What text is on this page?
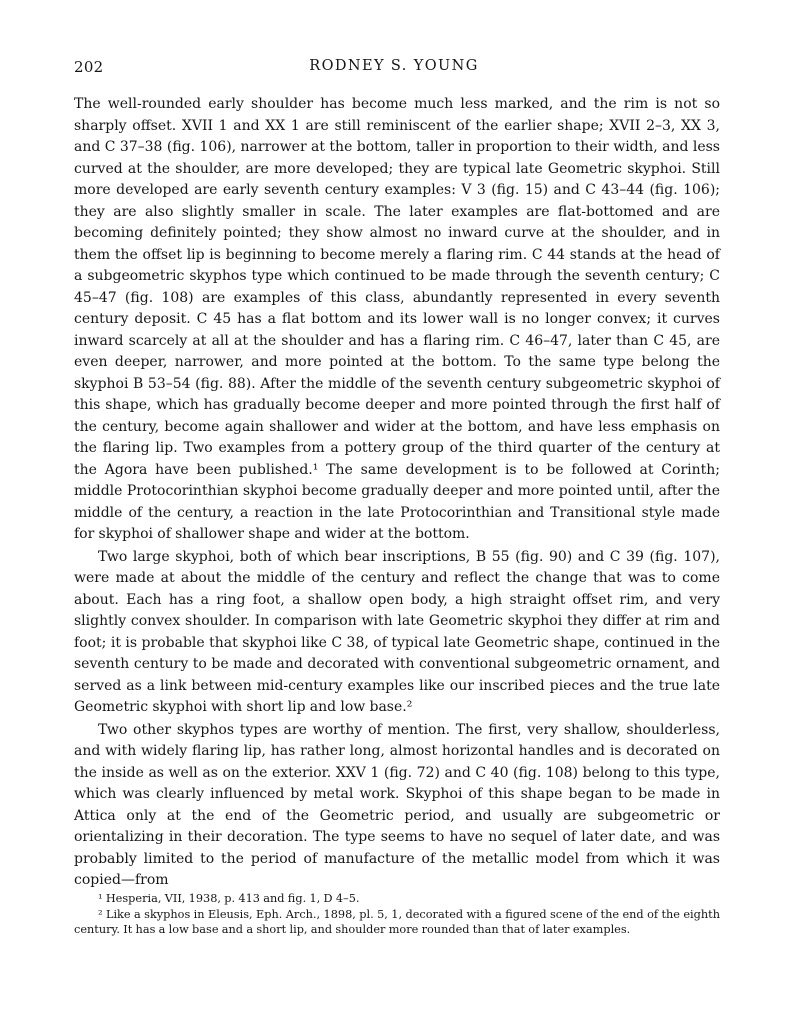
202	RODNEY S. YOUNG

The well-rounded early shoulder has become much less marked, and the rim is not so sharply offset. XVII 1 and XX 1 are still reminiscent of the earlier shape; XVII 2–3, XX 3, and C 37–38 (fig. 106), narrower at the bottom, taller in proportion to their width, and less curved at the shoulder, are more developed; they are typical late Geometric skyphoi. Still more developed are early seventh century examples: V 3 (fig. 15) and C 43–44 (fig. 106); they are also slightly smaller in scale. The later examples are flat-bottomed and are becoming definitely pointed; they show almost no inward curve at the shoulder, and in them the offset lip is beginning to become merely a flaring rim. C 44 stands at the head of a subgeometric skyphos type which continued to be made through the seventh century; C 45–47 (fig. 108) are examples of this class, abundantly represented in every seventh century deposit. C 45 has a flat bottom and its lower wall is no longer convex; it curves inward scarcely at all at the shoulder and has a flaring rim. C 46–47, later than C 45, are even deeper, narrower, and more pointed at the bottom. To the same type belong the skyphoi B 53–54 (fig. 88). After the middle of the seventh century subgeometric skyphoi of this shape, which has gradually become deeper and more pointed through the first half of the century, become again shallower and wider at the bottom, and have less emphasis on the flaring lip. Two examples from a pottery group of the third quarter of the century at the Agora have been published.¹ The same development is to be followed at Corinth; middle Protocorinthian skyphoi become gradually deeper and more pointed until, after the middle of the century, a reaction in the late Protocorinthian and Transitional style made for skyphoi of shallower shape and wider at the bottom.

Two large skyphoi, both of which bear inscriptions, B 55 (fig. 90) and C 39 (fig. 107), were made at about the middle of the century and reflect the change that was to come about. Each has a ring foot, a shallow open body, a high straight offset rim, and very slightly convex shoulder. In comparison with late Geometric skyphoi they differ at rim and foot; it is probable that skyphoi like C 38, of typical late Geometric shape, continued in the seventh century to be made and decorated with conventional subgeometric ornament, and served as a link between mid-century examples like our inscribed pieces and the true late Geometric skyphoi with short lip and low base.²

Two other skyphos types are worthy of mention. The first, very shallow, shoulderless, and with widely flaring lip, has rather long, almost horizontal handles and is decorated on the inside as well as on the exterior. XXV 1 (fig. 72) and C 40 (fig. 108) belong to this type, which was clearly influenced by metal work. Skyphoi of this shape began to be made in Attica only at the end of the Geometric period, and usually are subgeometric or orientalizing in their decoration. The type seems to have no sequel of later date, and was probably limited to the period of manufacture of the metallic model from which it was copied—from

¹ Hesperia, VII, 1938, p. 413 and fig. 1, D 4–5.

² Like a skyphos in Eleusis, Eph. Arch., 1898, pl. 5, 1, decorated with a figured scene of the end of the eighth century. It has a low base and a short lip, and shoulder more rounded than that of later examples.
